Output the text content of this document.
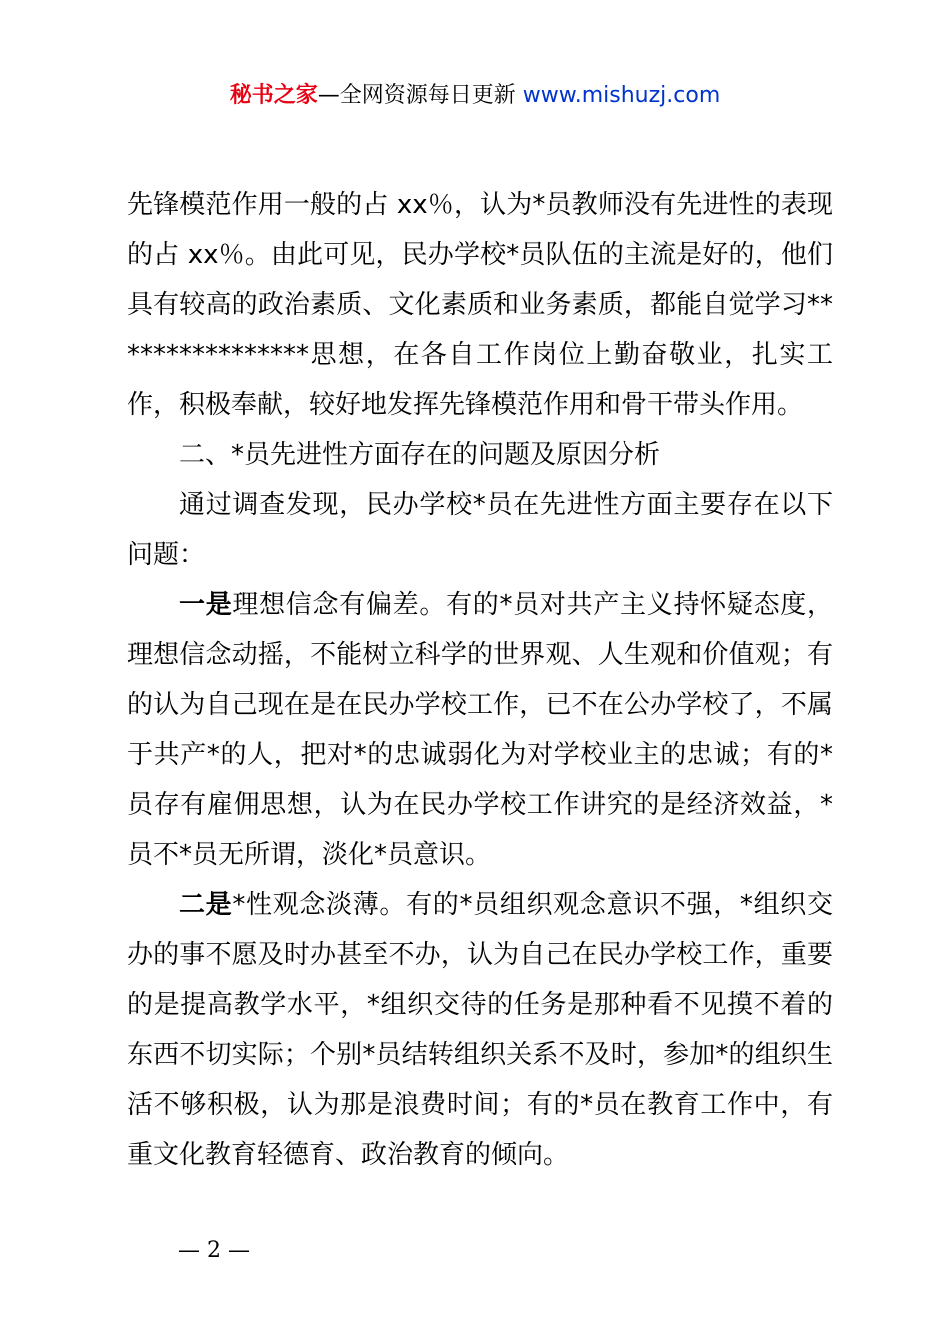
秘书之家—全网资源每日更新 www.mishuzj.com

先锋模范作用一般的占 xx％，认为*员教师没有先进性的表现的占 xx％。由此可见，民办学校*员队伍的主流是好的，他们具有较高的政治素质、文化素质和业务素质，都能自觉学习****************思想，在各自工作岗位上勤奋敬业，扎实工作，积极奉献，较好地发挥先锋模范作用和骨干带头作用。

二、*员先进性方面存在的问题及原因分析

通过调查发现，民办学校*员在先进性方面主要存在以下问题：

一是理想信念有偏差。有的*员对共产主义持怀疑态度，理想信念动摇，不能树立科学的世界观、人生观和价值观；有的认为自己现在是在民办学校工作，已不在公办学校了，不属于共产*的人，把对*的忠诚弱化为对学校业主的忠诚；有的*员存有雇佣思想，认为在民办学校工作讲究的是经济效益，*员不*员无所谓，淡化*员意识。

二是*性观念淡薄。有的*员组织观念意识不强，*组织交办的事不愿及时办甚至不办，认为自己在民办学校工作，重要的是提高教学水平，*组织交待的任务是那种看不见摸不着的东西不切实际；个别*员结转组织关系不及时，参加*的组织生活不够积极，认为那是浪费时间；有的*员在教育工作中，有重文化教育轻德育、政治教育的倾向。

— 2 —
